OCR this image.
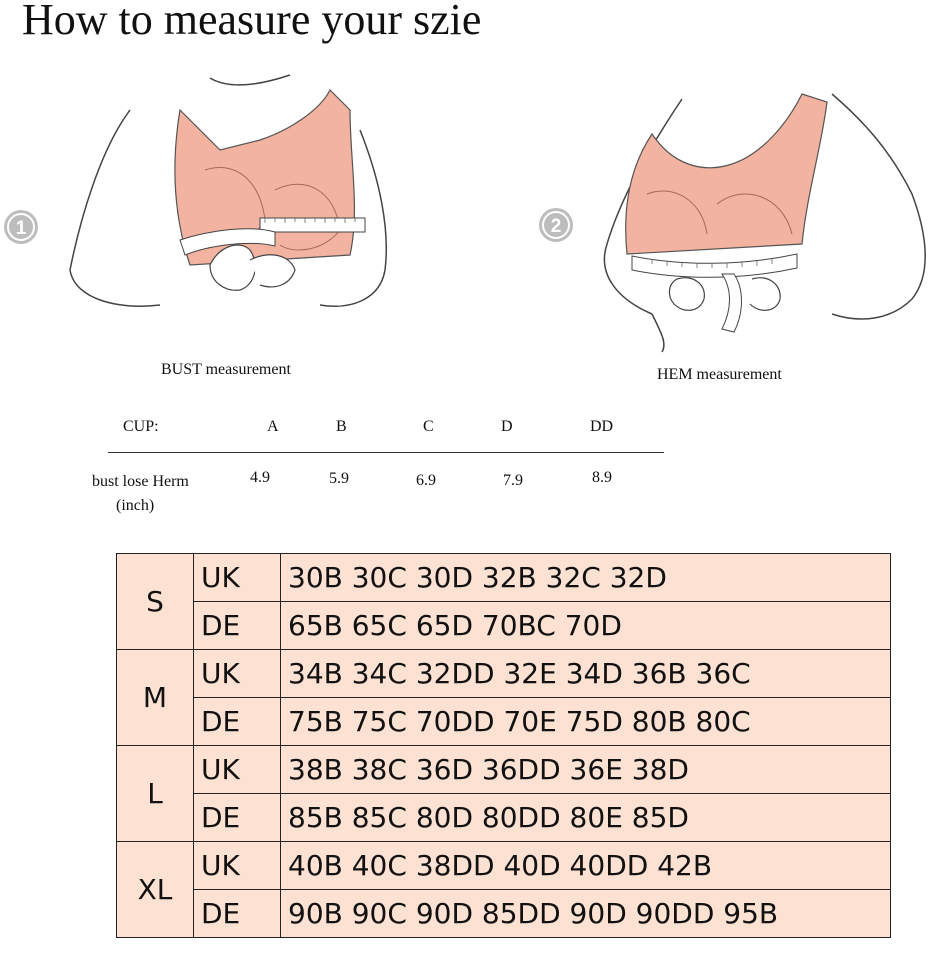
How to measure your szie
1
BUST measurement
2
HEM measurement
CUP:	A	B	C	D	DD
bust lose Herm
(inch)
4.9	5.9	6.9	7.9	8.9
S	UK	30B 30C 30D 32B 32C 32D
	DE	65B 65C 65D 70BC 70D
M	UK	34B 34C 32DD 32E 34D 36B 36C
	DE	75B 75C 70DD 70E 75D 80B 80C
L	UK	38B 38C 36D 36DD 36E 38D
	DE	85B 85C 80D 80DD 80E 85D
XL	UK	40B 40C 38DD 40D 40DD 42B
	DE	90B 90C 90D 85DD 90D 90DD 95B
